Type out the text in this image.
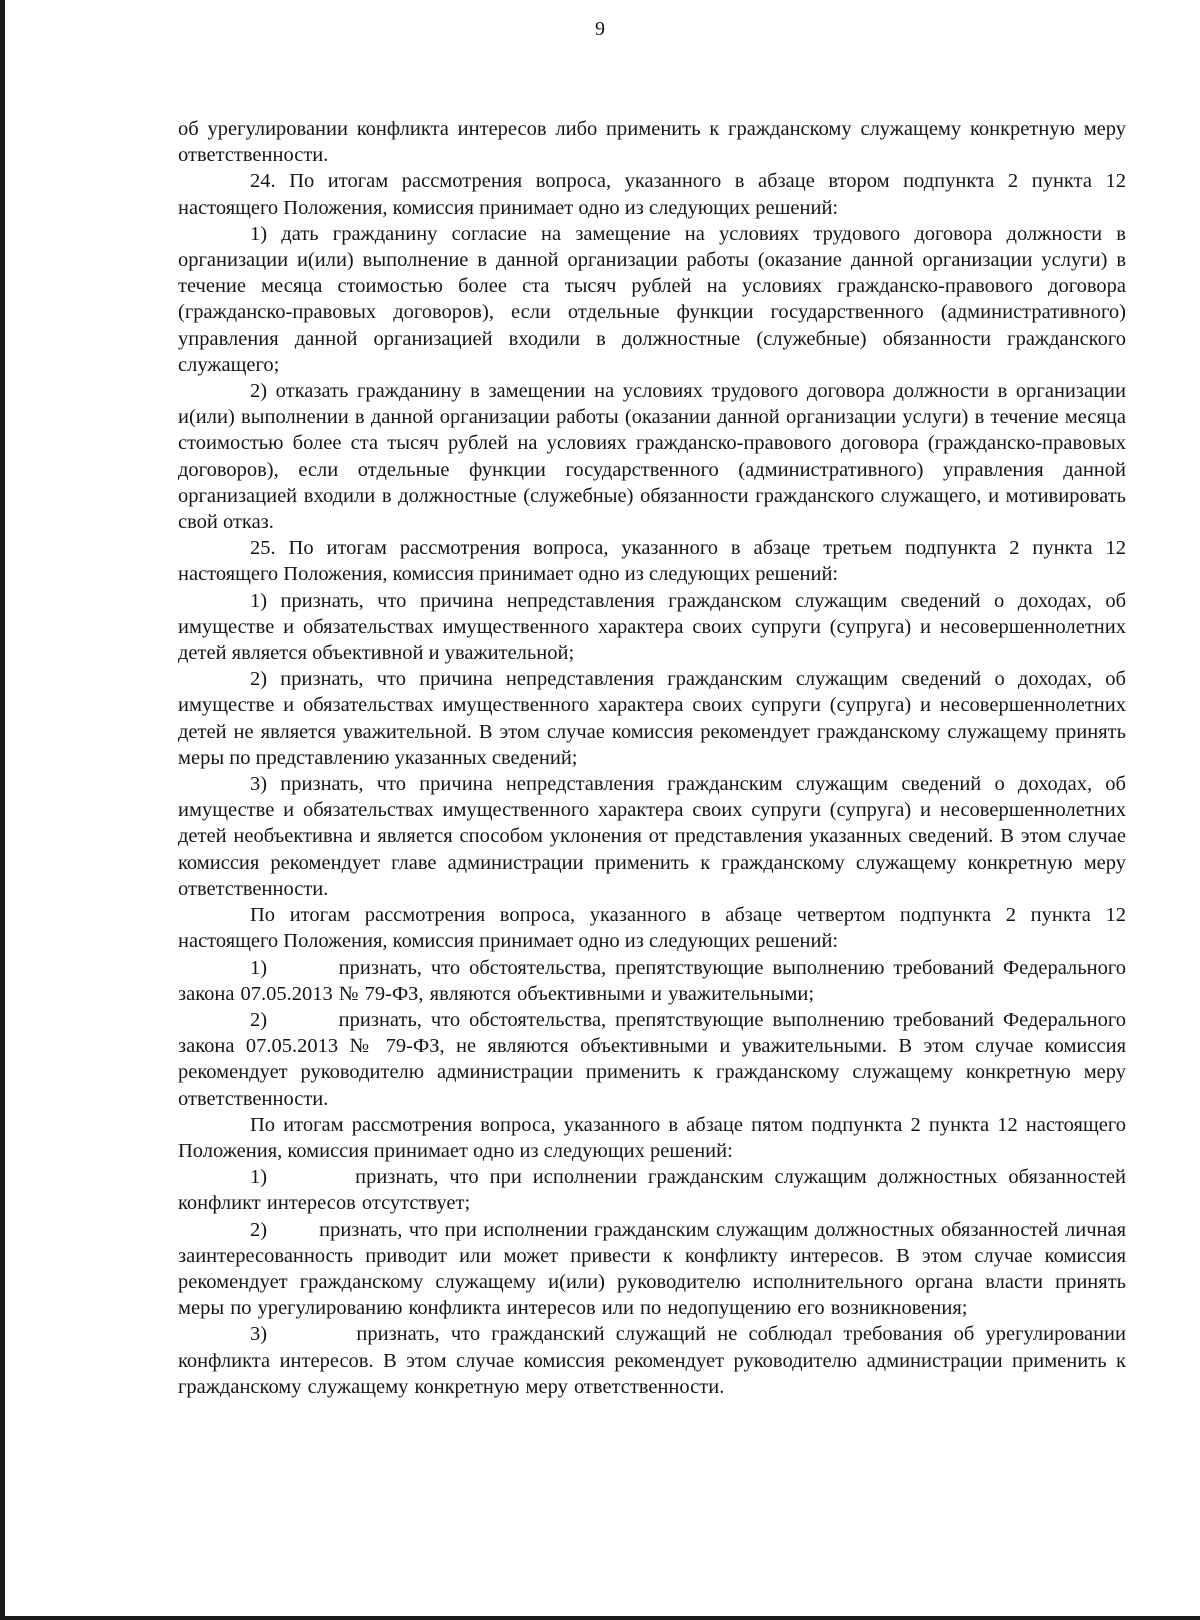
9

об урегулировании конфликта интересов либо применить к гражданскому служащему конкретную меру ответственности.

24. По итогам рассмотрения вопроса, указанного в абзаце втором подпункта 2 пункта 12 настоящего Положения, комиссия принимает одно из следующих решений:

1) дать гражданину согласие на замещение на условиях трудового договора должности в организации и(или) выполнение в данной организации работы (оказание данной организации услуги) в течение месяца стоимостью более ста тысяч рублей на условиях гражданско-правового договора (гражданско-правовых договоров), если отдельные функции государственного (административного) управления данной организацией входили в должностные (служебные) обязанности гражданского служащего;

2) отказать гражданину в замещении на условиях трудового договора должности в организации и(или) выполнении в данной организации работы (оказании данной организации услуги) в течение месяца стоимостью более ста тысяч рублей на условиях гражданско-правового договора (гражданско-правовых договоров), если отдельные функции государственного (административного) управления данной организацией входили в должностные (служебные) обязанности гражданского служащего, и мотивировать свой отказ.

25. По итогам рассмотрения вопроса, указанного в абзаце третьем подпункта 2 пункта 12 настоящего Положения, комиссия принимает одно из следующих решений:

1) признать, что причина непредставления гражданском служащим сведений о доходах, об имуществе и обязательствах имущественного характера своих супруги (супруга) и несовершеннолетних детей является объективной и уважительной;

2) признать, что причина непредставления гражданским служащим сведений о доходах, об имуществе и обязательствах имущественного характера своих супруги (супруга) и несовершеннолетних детей не является уважительной. В этом случае комиссия рекомендует гражданскому служащему принять меры по представлению указанных сведений;

3) признать, что причина непредставления гражданским служащим сведений о доходах, об имуществе и обязательствах имущественного характера своих супруги (супруга) и несовершеннолетних детей необъективна и является способом уклонения от представления указанных сведений. В этом случае комиссия рекомендует главе администрации применить к гражданскому служащему конкретную меру ответственности.

По итогам рассмотрения вопроса, указанного в абзаце четвертом подпункта 2 пункта 12 настоящего Положения, комиссия принимает одно из следующих решений:

1)        признать, что обстоятельства, препятствующие выполнению требований Федерального закона 07.05.2013 № 79-ФЗ, являются объективными и уважительными;

2)        признать, что обстоятельства, препятствующие выполнению требований Федерального закона 07.05.2013 № 79-ФЗ, не являются объективными и уважительными. В этом случае комиссия рекомендует руководителю администрации применить к гражданскому служащему конкретную меру ответственности.

По итогам рассмотрения вопроса, указанного в абзаце пятом подпункта 2 пункта 12 настоящего Положения, комиссия принимает одно из следующих решений:

1)        признать, что при исполнении гражданским служащим должностных обязанностей конфликт интересов отсутствует;

2)        признать, что при исполнении гражданским служащим должностных обязанностей личная заинтересованность приводит или может привести к конфликту интересов. В этом случае комиссия рекомендует гражданскому служащему и(или) руководителю исполнительного органа власти принять меры по урегулированию конфликта интересов или по недопущению его возникновения;

3)        признать, что гражданский служащий не соблюдал требования об урегулировании конфликта интересов. В этом случае комиссия рекомендует руководителю администрации применить к гражданскому служащему конкретную меру ответственности.
